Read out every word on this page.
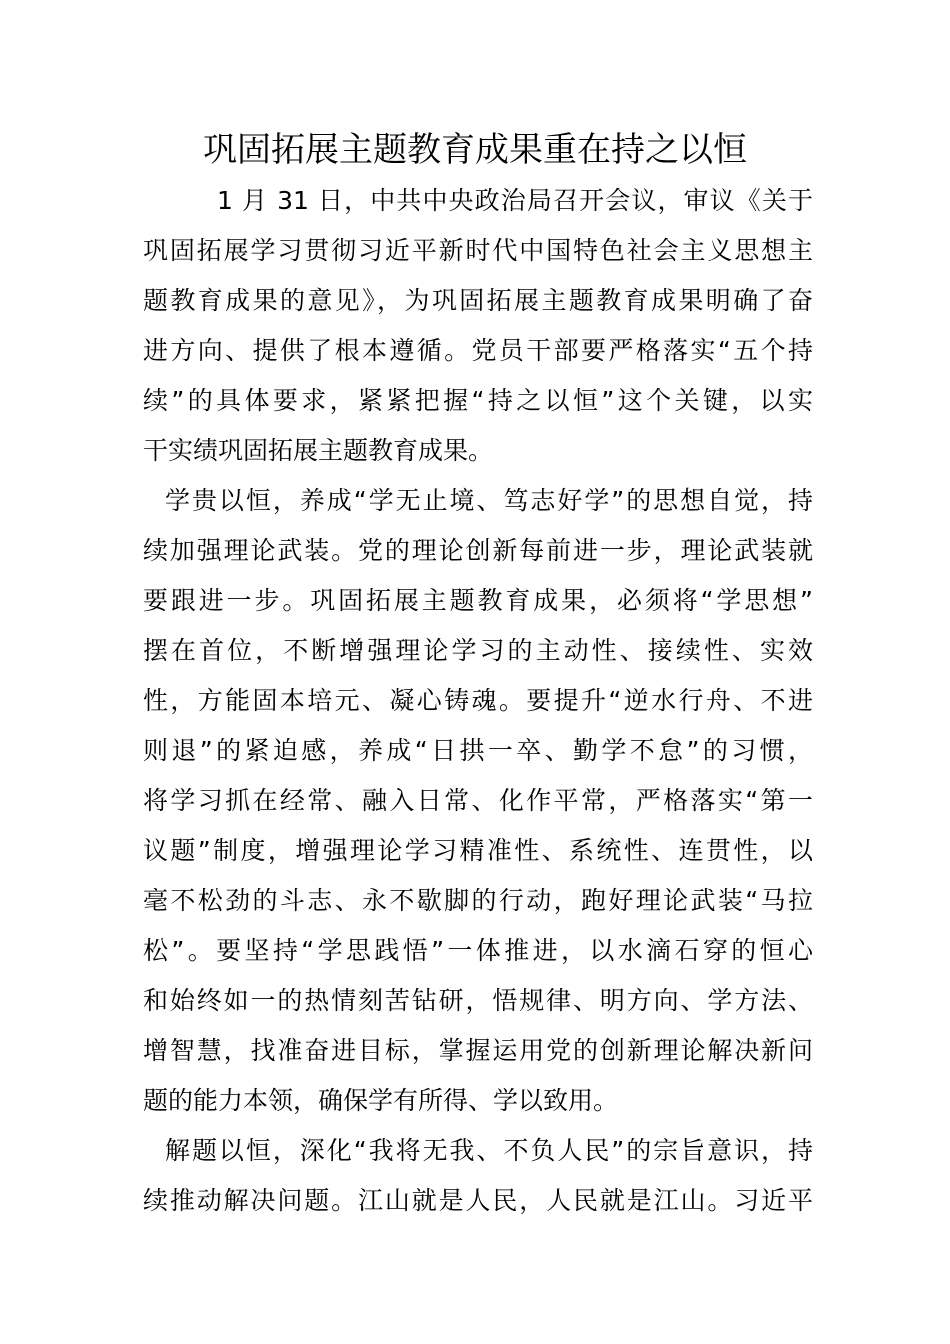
巩固拓展主题教育成果重在持之以恒
1 月 31 日，中共中央政治局召开会议，审议《关于
巩固拓展学习贯彻习近平新时代中国特色社会主义思想主
题教育成果的意见》，为巩固拓展主题教育成果明确了奋
进方向、提供了根本遵循。党员干部要严格落实“五个持
续”的具体要求，紧紧把握“持之以恒”这个关键，以实
干实绩巩固拓展主题教育成果。
学贵以恒，养成“学无止境、笃志好学”的思想自觉，持
续加强理论武装。党的理论创新每前进一步，理论武装就
要跟进一步。巩固拓展主题教育成果，必须将“学思想”
摆在首位，不断增强理论学习的主动性、接续性、实效
性，方能固本培元、凝心铸魂。要提升“逆水行舟、不进
则退”的紧迫感，养成“日拱一卒、勤学不怠”的习惯，
将学习抓在经常、融入日常、化作平常，严格落实“第一
议题”制度，增强理论学习精准性、系统性、连贯性，以
毫不松劲的斗志、永不歇脚的行动，跑好理论武装“马拉
松”。要坚持“学思践悟”一体推进，以水滴石穿的恒心
和始终如一的热情刻苦钻研，悟规律、明方向、学方法、
增智慧，找准奋进目标，掌握运用党的创新理论解决新问
题的能力本领，确保学有所得、学以致用。
解题以恒，深化“我将无我、不负人民”的宗旨意识，持
续推动解决问题。江山就是人民，人民就是江山。习近平
